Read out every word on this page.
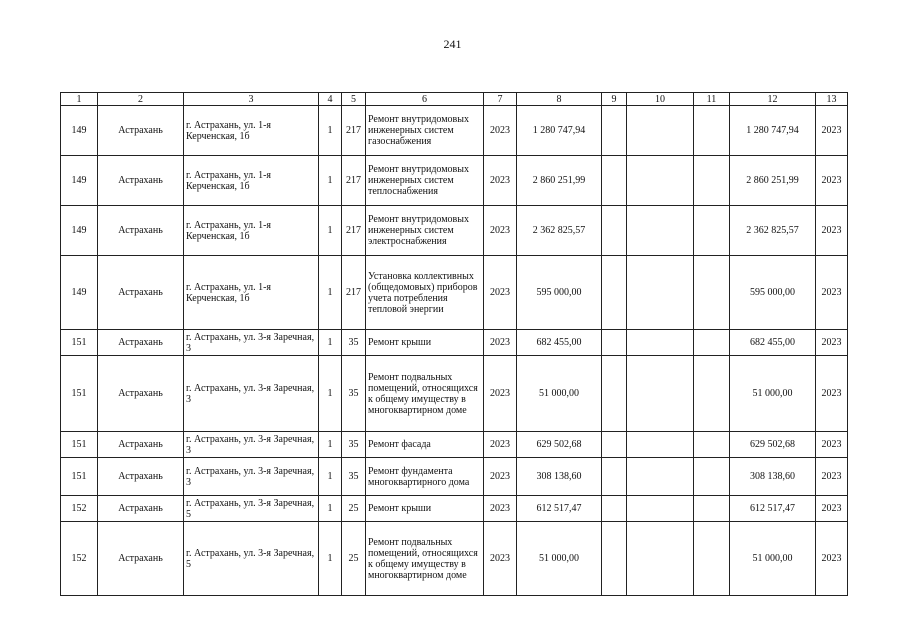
241
1	2	3	4	5	6	7	8	9	10	11	12	13
149	Астрахань	г. Астрахань, ул. 1-я Керченская, 1б	1	217	Ремонт внутридомовых инженерных систем газоснабжения	2023	1 280 747,94				1 280 747,94	2023
149	Астрахань	г. Астрахань, ул. 1-я Керченская, 1б	1	217	Ремонт внутридомовых инженерных систем теплоснабжения	2023	2 860 251,99				2 860 251,99	2023
149	Астрахань	г. Астрахань, ул. 1-я Керченская, 1б	1	217	Ремонт внутридомовых инженерных систем электроснабжения	2023	2 362 825,57				2 362 825,57	2023
149	Астрахань	г. Астрахань, ул. 1-я Керченская, 1б	1	217	Установка коллективных (общедомовых) приборов учета потребления тепловой энергии	2023	595 000,00				595 000,00	2023
151	Астрахань	г. Астрахань, ул. 3-я Заречная, 3	1	35	Ремонт крыши	2023	682 455,00				682 455,00	2023
151	Астрахань	г. Астрахань, ул. 3-я Заречная, 3	1	35	Ремонт подвальных помещений, относящихся к общему имуществу в многоквартирном доме	2023	51 000,00				51 000,00	2023
151	Астрахань	г. Астрахань, ул. 3-я Заречная, 3	1	35	Ремонт фасада	2023	629 502,68				629 502,68	2023
151	Астрахань	г. Астрахань, ул. 3-я Заречная, 3	1	35	Ремонт фундамента многоквартирного дома	2023	308 138,60				308 138,60	2023
152	Астрахань	г. Астрахань, ул. 3-я Заречная, 5	1	25	Ремонт крыши	2023	612 517,47				612 517,47	2023
152	Астрахань	г. Астрахань, ул. 3-я Заречная, 5	1	25	Ремонт подвальных помещений, относящихся к общему имуществу в многоквартирном доме	2023	51 000,00				51 000,00	2023
